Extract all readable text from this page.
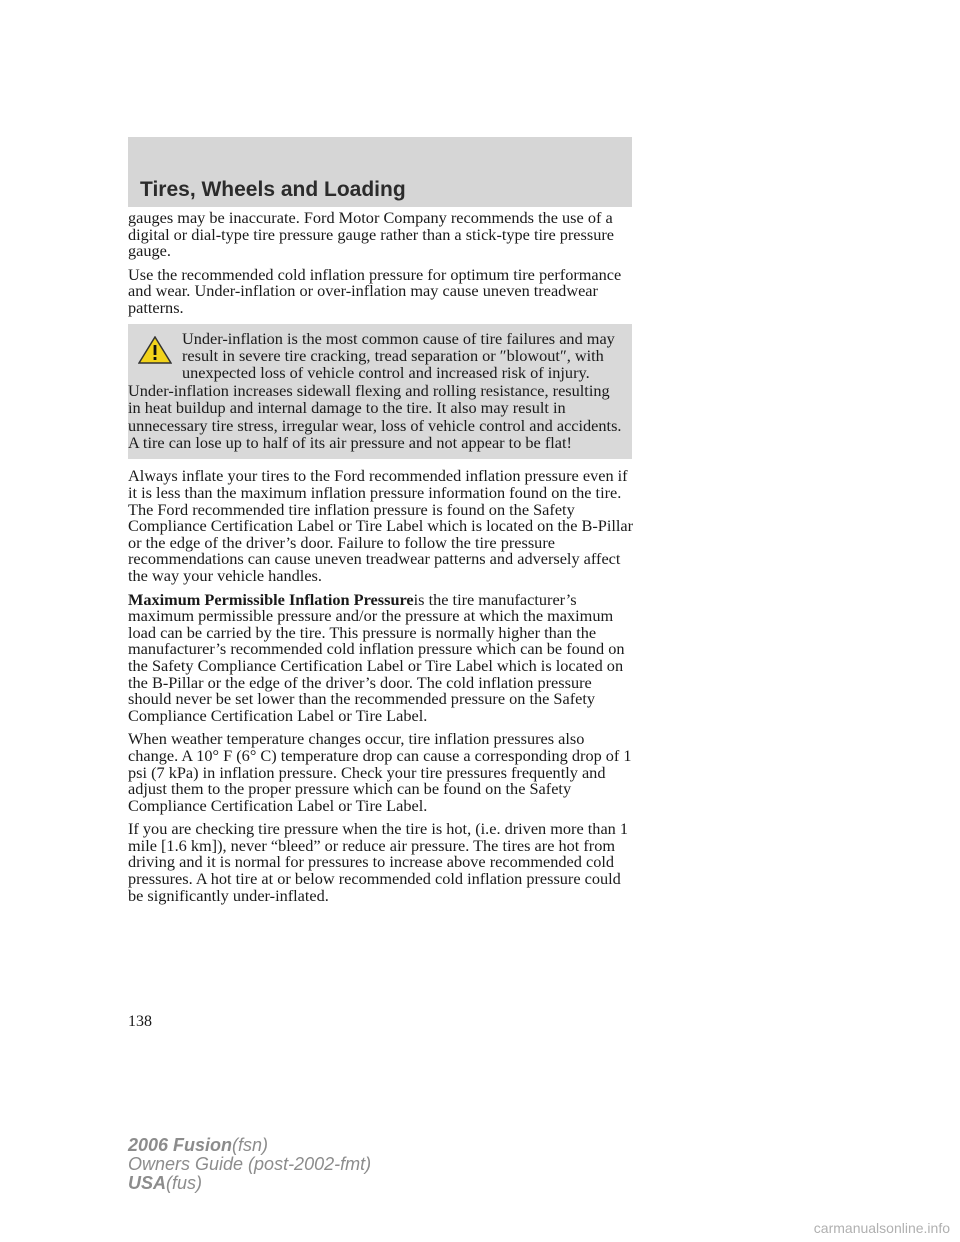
Tires, Wheels and Loading

gauges may be inaccurate. Ford Motor Company recommends the use of a digital or dial-type tire pressure gauge rather than a stick-type tire pressure gauge.

Use the recommended cold inflation pressure for optimum tire performance and wear. Under-inflation or over-inflation may cause uneven treadwear patterns.

Under-inflation is the most common cause of tire failures and may result in severe tire cracking, tread separation or ″blowout″, with unexpected loss of vehicle control and increased risk of injury. Under-inflation increases sidewall flexing and rolling resistance, resulting in heat buildup and internal damage to the tire. It also may result in unnecessary tire stress, irregular wear, loss of vehicle control and accidents. A tire can lose up to half of its air pressure and not appear to be flat!

Always inflate your tires to the Ford recommended inflation pressure even if it is less than the maximum inflation pressure information found on the tire. The Ford recommended tire inflation pressure is found on the Safety Compliance Certification Label or Tire Label which is located on the B-Pillar or the edge of the driver’s door. Failure to follow the tire pressure recommendations can cause uneven treadwear patterns and adversely affect the way your vehicle handles.

Maximum Permissible Inflation Pressureis the tire manufacturer’s maximum permissible pressure and/or the pressure at which the maximum load can be carried by the tire. This pressure is normally higher than the manufacturer’s recommended cold inflation pressure which can be found on the Safety Compliance Certification Label or Tire Label which is located on the B-Pillar or the edge of the driver’s door. The cold inflation pressure should never be set lower than the recommended pressure on the Safety Compliance Certification Label or Tire Label.

When weather temperature changes occur, tire inflation pressures also change. A 10° F (6° C) temperature drop can cause a corresponding drop of 1 psi (7 kPa) in inflation pressure. Check your tire pressures frequently and adjust them to the proper pressure which can be found on the Safety Compliance Certification Label or Tire Label.

If you are checking tire pressure when the tire is hot, (i.e. driven more than 1 mile [1.6 km]), never “bleed” or reduce air pressure. The tires are hot from driving and it is normal for pressures to increase above recommended cold pressures. A hot tire at or below recommended cold inflation pressure could be significantly under-inflated.

138
2006 Fusion(fsn)
Owners Guide (post-2002-fmt)
USA(fus)
carmanualsonline.info
